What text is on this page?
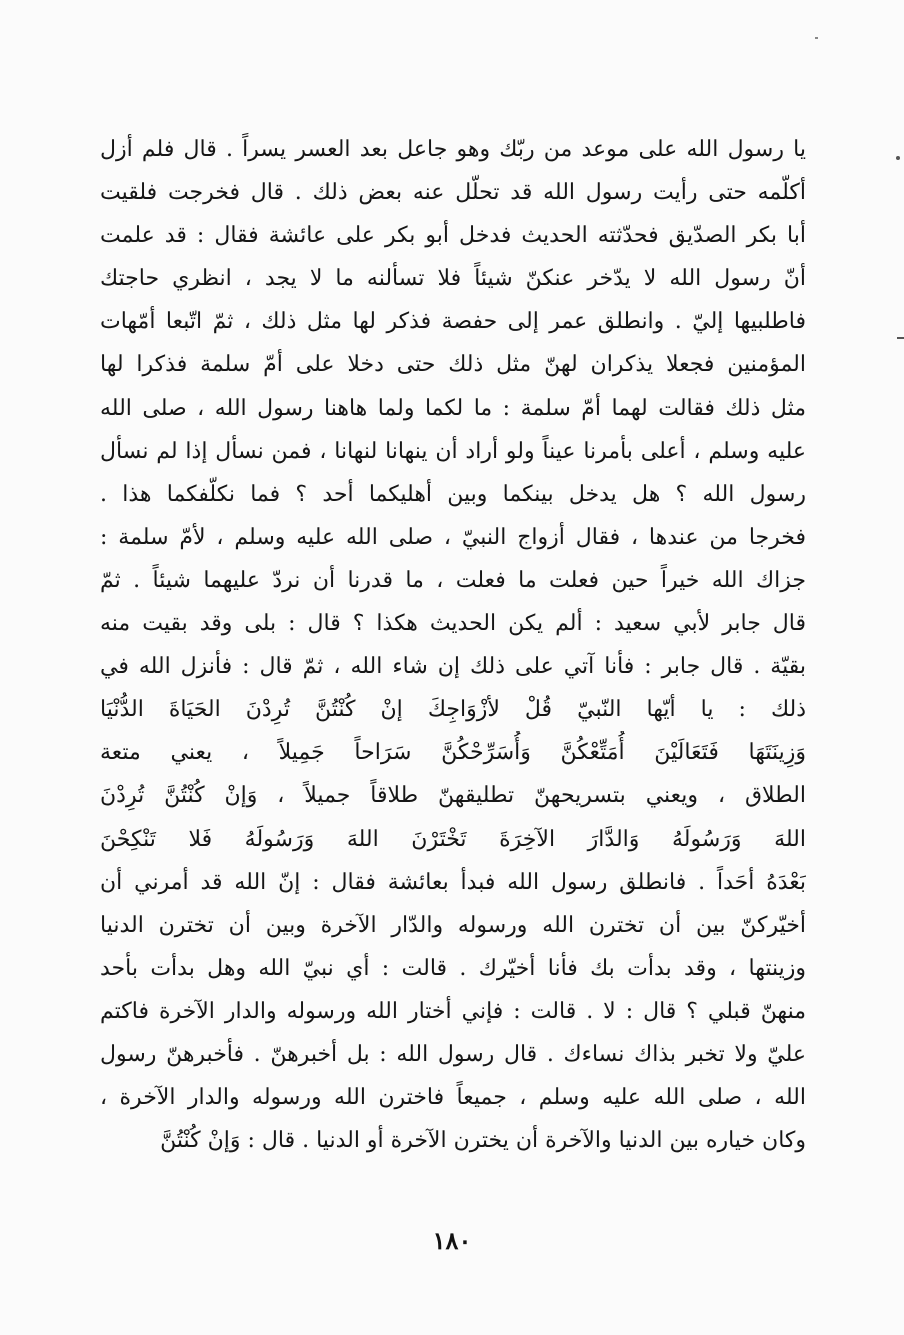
يا رسول الله على موعد من ربّك وهو جاعل بعد العسر يسراً . قال فلم أزل
أكلّمه حتى رأيت رسول الله قد تحلّل عنه بعض ذلك . قال فخرجت فلقيت
أبا بكر الصدّيق فحدّثته الحديث فدخل أبو بكر على عائشة فقال : قد علمت
أنّ رسول الله لا يدّخر عنكنّ شيئاً فلا تسألنه ما لا يجد ، انظري حاجتك
فاطلبيها إليّ . وانطلق عمر إلى حفصة فذكر لها مثل ذلك ، ثمّ اتّبعا أمّهات
المؤمنين فجعلا يذكران لهنّ مثل ذلك حتى دخلا على أمّ سلمة فذكرا لها
مثل ذلك فقالت لهما أمّ سلمة : ما لكما ولما هاهنا رسول الله ، صلى الله
عليه وسلم ، أعلى بأمرنا عيناً ولو أراد أن ينهانا لنهانا ، فمن نسأل إذا لم نسأل
رسول الله ؟ هل يدخل بينكما وبين أهليكما أحد ؟ فما نكلّفكما هذا .
فخرجا من عندها ، فقال أزواج النبيّ ، صلى الله عليه وسلم ، لأمّ سلمة :
جزاك الله خيراً حين فعلت ما فعلت ، ما قدرنا أن نردّ عليهما شيئاً . ثمّ
قال جابر لأبي سعيد : ألم يكن الحديث هكذا ؟ قال : بلى وقد بقيت منه
بقيّة . قال جابر : فأنا آتي على ذلك إن شاء الله ، ثمّ قال : فأنزل الله في
ذلك : يا أيّها النّبيّ قُلْ لأزْوَاجِكَ إنْ كُنْتُنَّ تُرِدْنَ الحَيَاةَ الدُّنْيَا
وَزِينَتَهَا فَتَعَالَيْنَ أُمَتِّعْكُنَّ وَأُسَرِّحْكُنَّ سَرَاحاً جَمِيلاً ، يعني متعة
الطلاق ، ويعني بتسريحهنّ تطليقهنّ طلاقاً جميلاً ، وَإنْ كُنْتُنَّ تُرِدْنَ
اللهَ وَرَسُولَهُ وَالدَّارَ الآخِرَةَ تَخْتَرْنَ اللهَ وَرَسُولَهُ فَلا تَنْكِحْنَ
بَعْدَهُ أحَداً . فانطلق رسول الله فبدأ بعائشة فقال : إنّ الله قد أمرني أن
أخيّركنّ بين أن تخترن الله ورسوله والدّار الآخرة وبين أن تخترن الدنيا
وزينتها ، وقد بدأت بك فأنا أخيّرك . قالت : أي نبيّ الله وهل بدأت بأحد
منهنّ قبلي ؟ قال : لا . قالت : فإني أختار الله ورسوله والدار الآخرة فاكتم
عليّ ولا تخبر بذاك نساءك . قال رسول الله : بل أخبرهنّ . فأخبرهنّ رسول
الله ، صلى الله عليه وسلم ، جميعاً فاخترن الله ورسوله والدار الآخرة ،
وكان خياره بين الدنيا والآخرة أن يخترن الآخرة أو الدنيا . قال : وَإنْ كُنْتُنَّ
١٨٠
